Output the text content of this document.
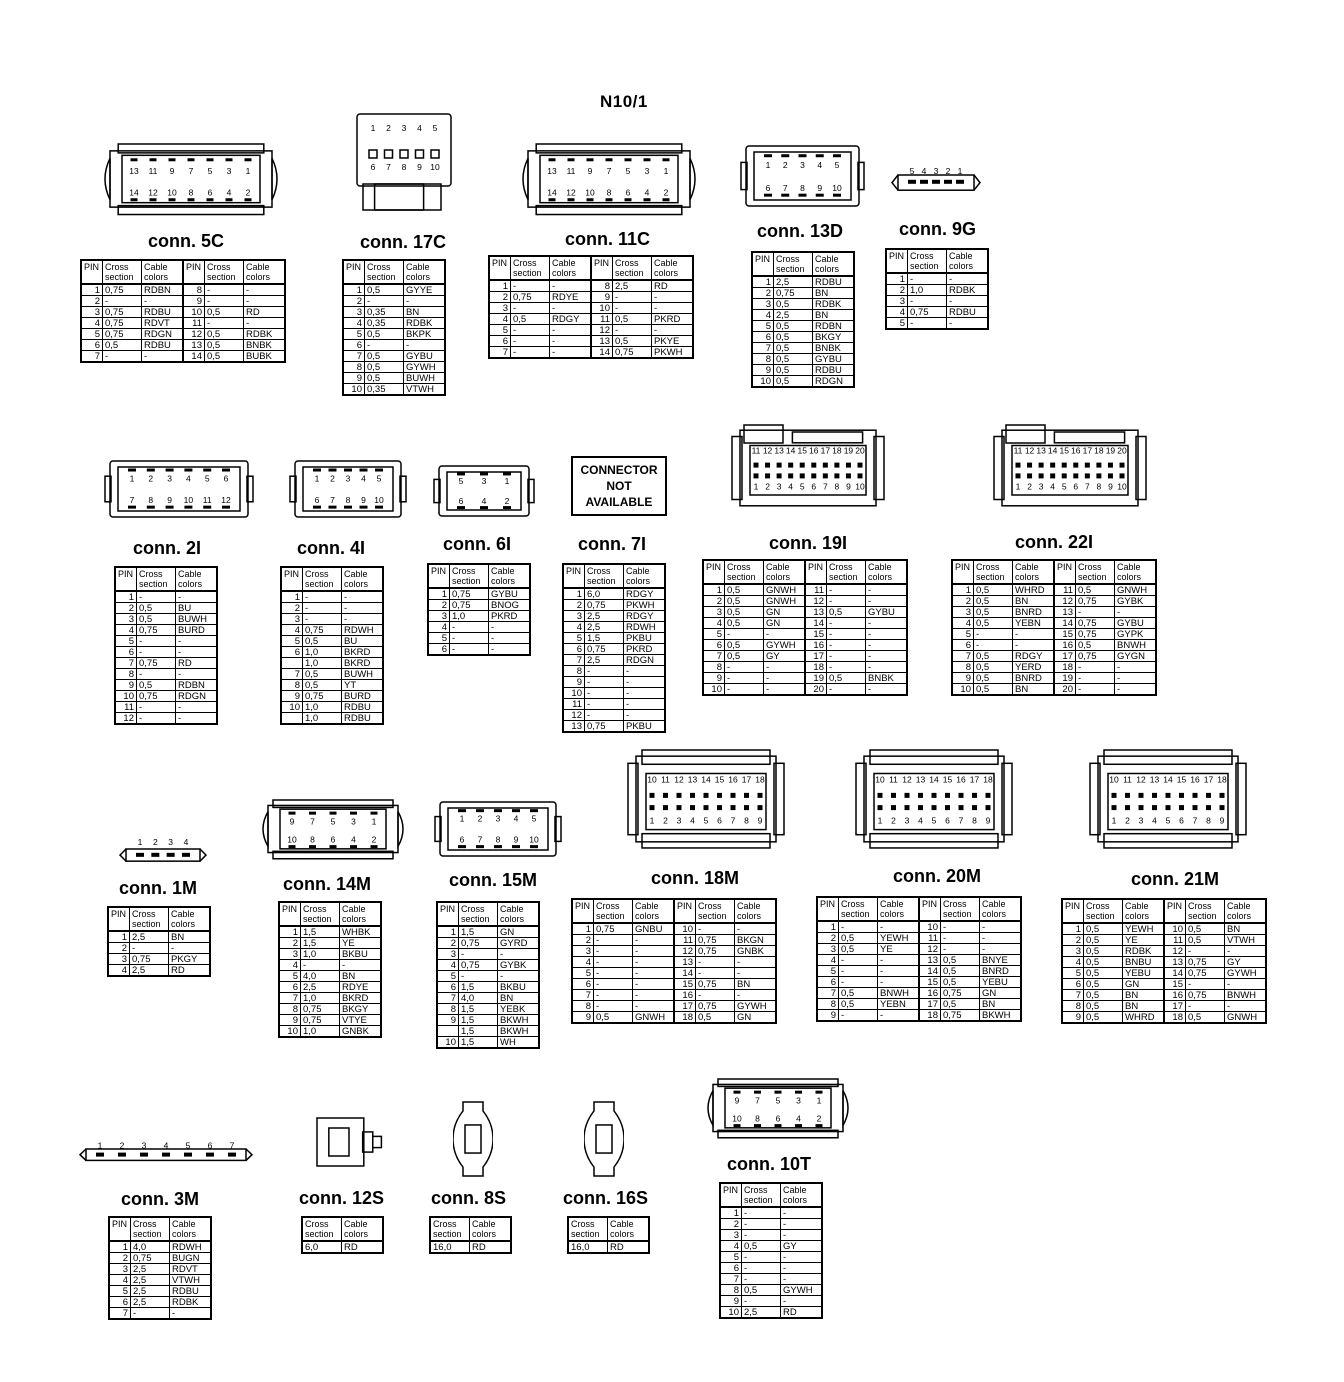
N10/1
CONNECTOR NOT AVAILABLE
13 11 9 7 5 3 1
14 12 10 8 6 4 2
conn. 5C
PIN	Cross section	Cable colors	PIN	Cross section	Cable colors
1	0,75	RDBN	8	-	-
2	-	-	9	-	-
3	0,75	RDBU	10	0,5	RD
4	0,75	RDVT	11	-	-
5	0,75	RDGN	12	0,5	RDBK
6	0,5	RDBU	13	0,5	BNBK
7	-	-	14	0,5	BUBK
1 2 3 4 5
6 7 8 9 10
conn. 17C
PIN	Cross section	Cable colors
1	0,5	GYYE
2	-	-
3	0,35	BN
4	0,35	RDBK
5	0,5	BKPK
6	-	-
7	0,5	GYBU
8	0,5	GYWH
9	0,5	BUWH
10	0,35	VTWH
13 11 9 7 5 3 1
14 12 10 8 6 4 2
conn. 11C
PIN	Cross section	Cable colors	PIN	Cross section	Cable colors
1	-	-	8	2,5	RD
2	0,75	RDYE	9	-	-
3	-	-	10	-	-
4	0,5	RDGY	11	0,5	PKRD
5	-	-	12	-	-
6	-	-	13	0,5	PKYE
7	-	-	14	0,75	PKWH
1 2 3 4 5
6 7 8 9 10
conn. 13D
PIN	Cross section	Cable colors
1	2,5	RDBU
2	0,75	BN
3	0,5	RDBK
4	2,5	BN
5	0,5	RDBN
6	0,5	BKGY
7	0,5	BNBK
8	0,5	GYBU
9	0,5	RDBU
10	0,5	RDGN
5 4 3 2 1
conn. 9G
PIN	Cross section	Cable colors
1	-	-
2	1,0	RDBK
3	-	-
4	0,75	RDBU
5	-	-
1 2 3 4 5 6
7 8 9 10 11 12
conn. 2I
PIN	Cross section	Cable colors
1	-	-
2	0,5	BU
3	0,5	BUWH
4	0,75	BURD
5	-	-
6	-	-
7	0,75	RD
8	-	-
9	0,5	RDBN
10	0,75	RDGN
11	-	-
12	-	-
1 2 3 4 5
6 7 8 9 10
conn. 4I
PIN	Cross section	Cable colors
1	-	-
2	-	-
3	-	-
4	0,75	RDWH
5	0,5	BU
6	1,0	BKRD
	1,0	BKRD
7	0,5	BUWH
8	0,5	YT
9	0,75	BURD
10	1,0	RDBU
	1,0	RDBU
5 3 1
6 4 2
conn. 6I
PIN	Cross section	Cable colors
1	0,75	GYBU
2	0,75	BNOG
3	1,0	PKRD
4	-	-
5	-	-
6	-	-
conn. 7I
PIN	Cross section	Cable colors
1	6,0	RDGY
2	0,75	PKWH
3	2,5	RDGY
4	2,5	RDWH
5	1,5	PKBU
6	0,75	PKRD
7	2,5	RDGN
8	-	-
9	-	-
10	-	-
11	-	-
12	-	-
13	0,75	PKBU
11 12 13 14 15 16 17 18 19 20
1 2 3 4 5 6 7 8 9 10
conn. 19I
PIN	Cross section	Cable colors	PIN	Cross section	Cable colors
1	0,5	GNWH	11	-	-
2	0,5	GNWH	12	-	-
3	0,5	GN	13	0,5	GYBU
4	0,5	GN	14	-	-
5	-	-	15	-	-
6	0,5	GYWH	16	-	-
7	0,5	GY	17	-	-
8	-	-	18	-	-
9	-	-	19	0,5	BNBK
10	-	-	20	-	-
11 12 13 14 15 16 17 18 19 20
1 2 3 4 5 6 7 8 9 10
conn. 22I
PIN	Cross section	Cable colors	PIN	Cross section	Cable colors
1	0,5	WHRD	11	0,5	GNWH
2	0,5	BN	12	0,75	GYBK
3	0,5	BNRD	13	-	-
4	0,5	YEBN	14	0,75	GYBU
5	-	-	15	0,75	GYPK
6	-	-	16	0,5	BNWH
7	0,5	RDGY	17	0,75	GYGN
8	0,5	YERD	18	-	-
9	0,5	BNRD	19	-	-
10	0,5	BN	20	-	-
1 2 3 4
conn. 1M
PIN	Cross section	Cable colors
1	2,5	BN
2	-	-
3	0,75	PKGY
4	2,5	RD
9 7 5 3 1
10 8 6 4 2
conn. 14M
PIN	Cross section	Cable colors
1	1,5	WHBK
2	1,5	YE
3	1,0	BKBU
4	-	-
5	4,0	BN
6	2,5	RDYE
7	1,0	BKRD
8	0,75	BKGY
9	0,75	VTYE
10	1,0	GNBK
1 2 3 4 5
6 7 8 9 10
conn. 15M
PIN	Cross section	Cable colors
1	1,5	GN
2	0,75	GYRD
3	-	-
4	0,75	GYBK
5	-	-
6	1,5	BKBU
7	4,0	BN
8	1,5	YEBK
9	1,5	BKWH
	1,5	BKWH
10	1,5	WH
10 11 12 13 14 15 16 17 18
1 2 3 4 5 6 7 8 9
conn. 18M
PIN	Cross section	Cable colors	PIN	Cross section	Cable colors
1	0,75	GNBU	10	-	-
2	-	-	11	0,75	BKGN
3	-	-	12	0,75	GNBK
4	-	-	13	-	-
5	-	-	14	-	-
6	-	-	15	0,75	BN
7	-	-	16	-	-
8	-	-	17	0,75	GYWH
9	0,5	GNWH	18	0,5	GN
10 11 12 13 14 15 16 17 18
1 2 3 4 5 6 7 8 9
conn. 20M
PIN	Cross section	Cable colors	PIN	Cross section	Cable colors
1	-	-	10	-	-
2	0,5	YEWH	11	-	-
3	0,5	YE	12	-	-
4	-	-	13	0,5	BNYE
5	-	-	14	0,5	BNRD
6	-	-	15	0,5	YEBU
7	0,5	BNWH	16	0,75	GN
8	0,5	YEBN	17	0,5	BN
9	-	-	18	0,75	BKWH
10 11 12 13 14 15 16 17 18
1 2 3 4 5 6 7 8 9
conn. 21M
PIN	Cross section	Cable colors	PIN	Cross section	Cable colors
1	0,5	YEWH	10	0,5	BN
2	0,5	YE	11	0,5	VTWH
3	0,5	RDBK	12	-	-
4	0,5	BNBU	13	0,75	GY
5	0,5	YEBU	14	0,75	GYWH
6	0,5	GN	15	-	-
7	0,5	BN	16	0,75	BNWH
8	0,5	BN	17	-	-
9	0,5	WHRD	18	0,5	GNWH
1 2 3 4 5 6 7
conn. 3M
PIN	Cross section	Cable colors
1	4,0	RDWH
2	0,75	BUGN
3	2,5	RDVT
4	2,5	VTWH
5	2,5	RDBU
6	2,5	RDBK
7	-	-
conn. 12S
Cross section	Cable colors
6,0	RD
conn. 8S
Cross section	Cable colors
16,0	RD
conn. 16S
Cross section	Cable colors
16,0	RD
9 7 5 3 1
10 8 6 4 2
conn. 10T
PIN	Cross section	Cable colors
1	-	-
2	-	-
3	-	-
4	0,5	GY
5	-	-
6	-	-
7	-	-
8	0,5	GYWH
9	-	-
10	2,5	RD
